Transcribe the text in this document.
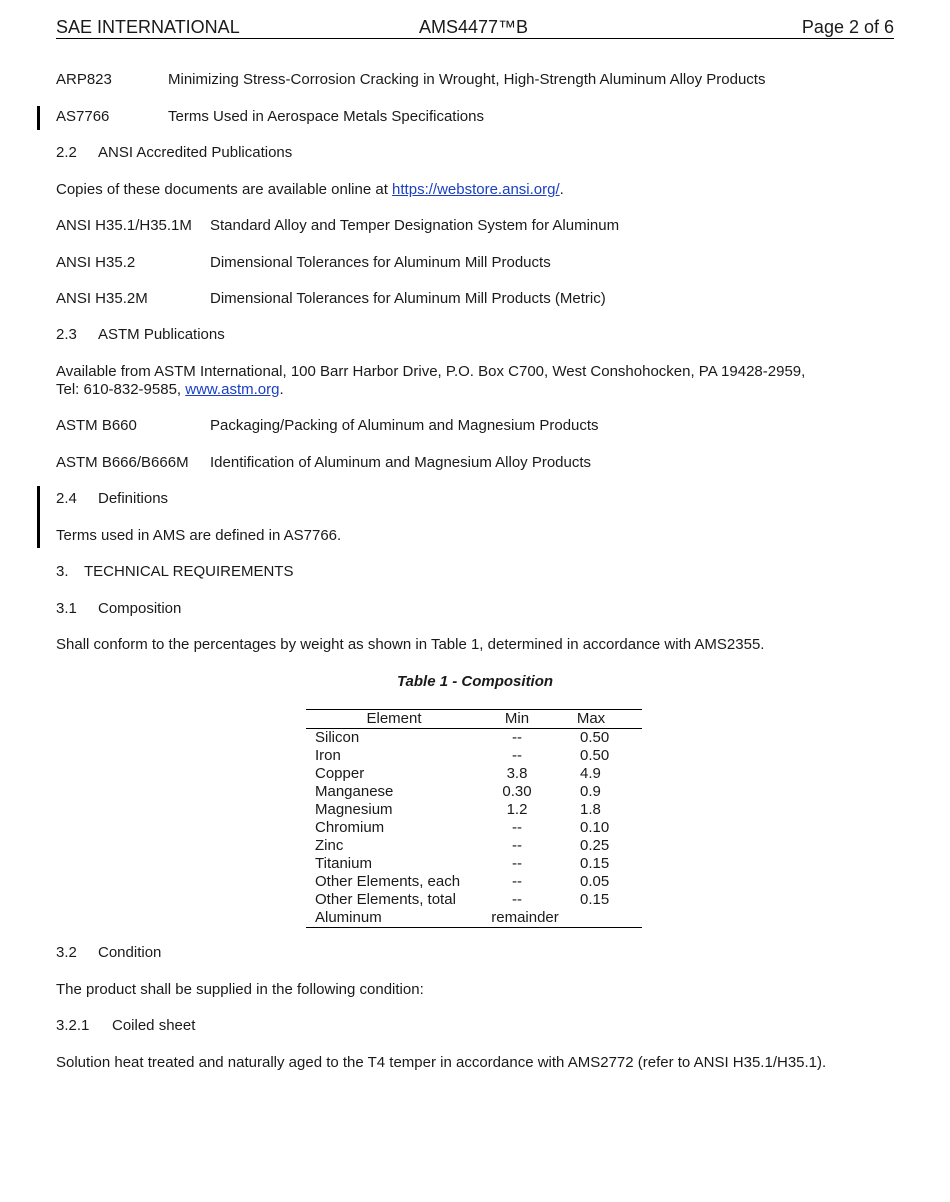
SAE INTERNATIONAL	AMS4477™B	Page 2 of 6
ARP823	Minimizing Stress-Corrosion Cracking in Wrought, High-Strength Aluminum Alloy Products
AS7766	Terms Used in Aerospace Metals Specifications
2.2 ANSI Accredited Publications
Copies of these documents are available online at https://webstore.ansi.org/.
ANSI H35.1/H35.1M Standard Alloy and Temper Designation System for Aluminum
ANSI H35.2	Dimensional Tolerances for Aluminum Mill Products
ANSI H35.2M	Dimensional Tolerances for Aluminum Mill Products (Metric)
2.3 ASTM Publications
Available from ASTM International, 100 Barr Harbor Drive, P.O. Box C700, West Conshohocken, PA 19428-2959,
Tel: 610-832-9585, www.astm.org.
ASTM B660	Packaging/Packing of Aluminum and Magnesium Products
ASTM B666/B666M Identification of Aluminum and Magnesium Alloy Products
2.4 Definitions
Terms used in AMS are defined in AS7766.
3. TECHNICAL REQUIREMENTS
3.1 Composition
Shall conform to the percentages by weight as shown in Table 1, determined in accordance with AMS2355.
Table 1 - Composition
Element	Min	Max
Silicon	--	0.50
Iron	--	0.50
Copper	3.8	4.9
Manganese	0.30	0.9
Magnesium	1.2	1.8
Chromium	--	0.10
Zinc	--	0.25
Titanium	--	0.15
Other Elements, each	--	0.05
Other Elements, total	--	0.15
Aluminum	remainder
3.2 Condition
The product shall be supplied in the following condition:
3.2.1 Coiled sheet
Solution heat treated and naturally aged to the T4 temper in accordance with AMS2772 (refer to ANSI H35.1/H35.1).
